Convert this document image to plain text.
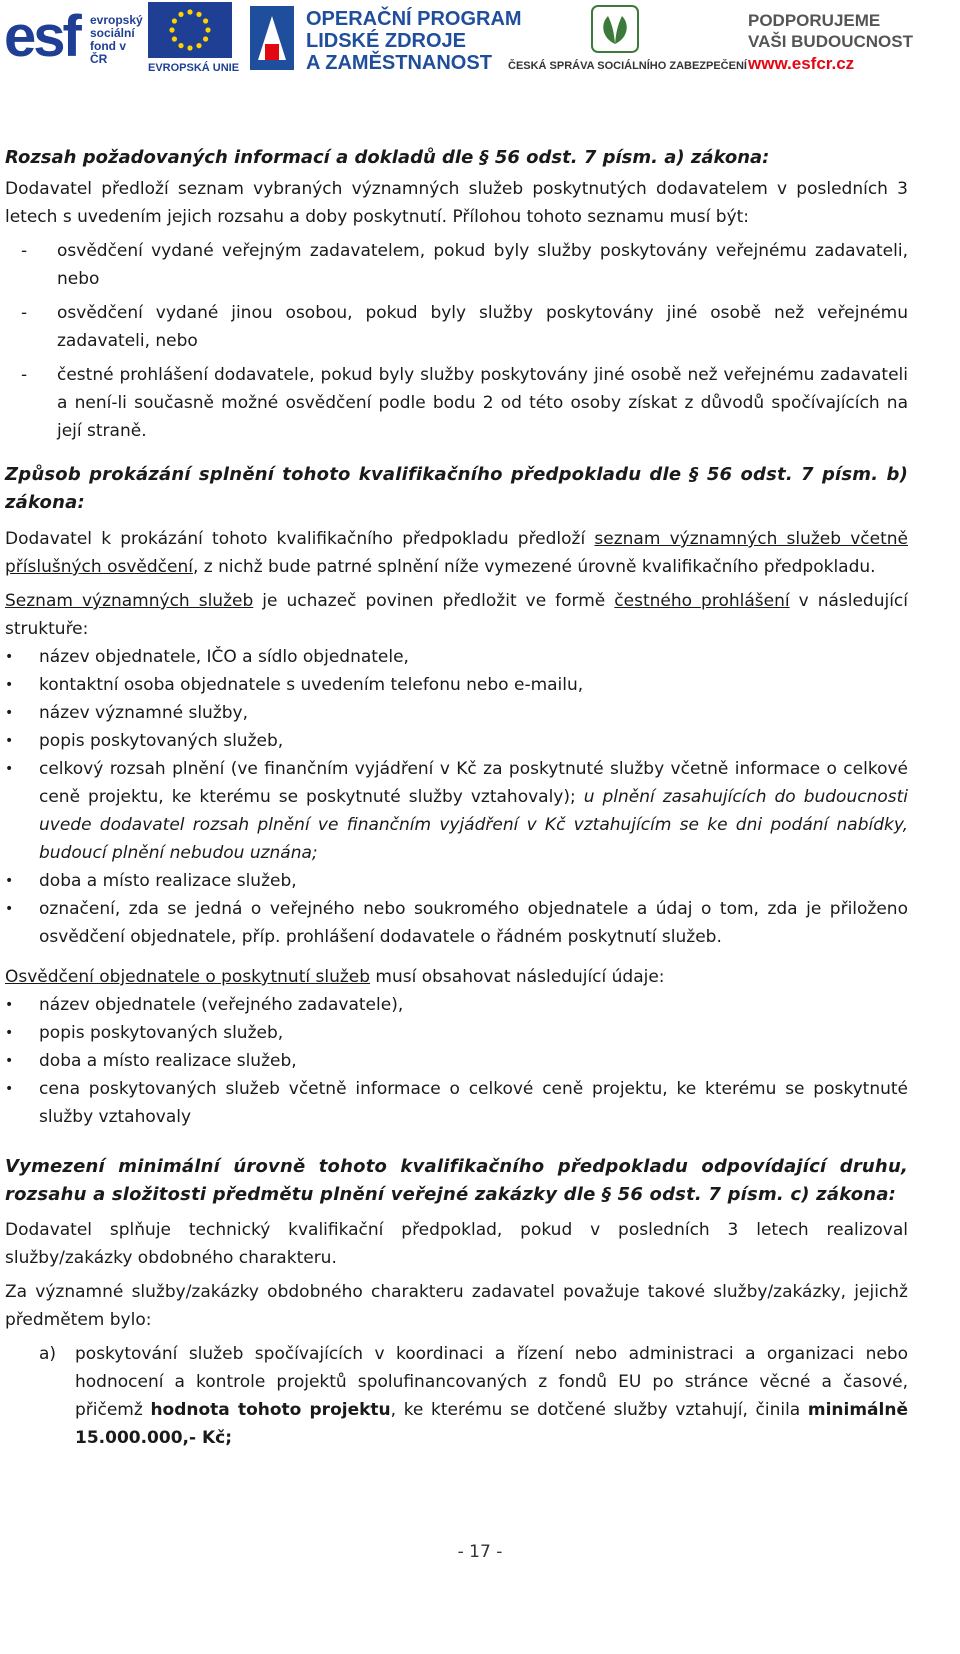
esf evropský
sociální
fond v ČR
EVROPSKÁ UNIE
OPERAČNÍ PROGRAM
LIDSKÉ ZDROJE
A ZAMĚSTNANOST	ČESKÁ SPRÁVA SOCIÁLNÍHO ZABEZPEČENÍ
PODPORUJEME
VAŠI BUDOUCNOST
www.esfcr.cz

Rozsah požadovaných informací a dokladů dle § 56 odst. 7 písm. a) zákona:

Dodavatel předloží seznam vybraných významných služeb poskytnutých dodavatelem v posledních 3 letech s uvedením jejich rozsahu a doby poskytnutí. Přílohou tohoto seznamu musí být:

- osvědčení vydané veřejným zadavatelem, pokud byly služby poskytovány veřejnému zadavateli, nebo
- osvědčení vydané jinou osobou, pokud byly služby poskytovány jiné osobě než veřejnému zadavateli, nebo
- čestné prohlášení dodavatele, pokud byly služby poskytovány jiné osobě než veřejnému zadavateli a není-li současně možné osvědčení podle bodu 2 od této osoby získat z důvodů spočívajících na její straně.

Způsob prokázání splnění tohoto kvalifikačního předpokladu dle § 56 odst. 7 písm. b) zákona:

Dodavatel k prokázání tohoto kvalifikačního předpokladu předloží seznam významných služeb včetně příslušných osvědčení, z nichž bude patrné splnění níže vymezené úrovně kvalifikačního předpokladu.

Seznam významných služeb je uchazeč povinen předložit ve formě čestného prohlášení v následující struktuře:

• název objednatele, IČO a sídlo objednatele,
• kontaktní osoba objednatele s uvedením telefonu nebo e-mailu,
• název významné služby,
• popis poskytovaných služeb,
• celkový rozsah plnění (ve finančním vyjádření v Kč za poskytnuté služby včetně informace o celkové ceně projektu, ke kterému se poskytnuté služby vztahovaly); u plnění zasahujících do budoucnosti uvede dodavatel rozsah plnění ve finančním vyjádření v Kč vztahujícím se ke dni podání nabídky, budoucí plnění nebudou uznána;
• doba a místo realizace služeb,
• označení, zda se jedná o veřejného nebo soukromého objednatele a údaj o tom, zda je přiloženo osvědčení objednatele, příp. prohlášení dodavatele o řádném poskytnutí služeb.

Osvědčení objednatele o poskytnutí služeb musí obsahovat následující údaje:

• název objednatele (veřejného zadavatele),
• popis poskytovaných služeb,
• doba a místo realizace služeb,
• cena poskytovaných služeb včetně informace o celkové ceně projektu, ke kterému se poskytnuté služby vztahovaly

Vymezení minimální úrovně tohoto kvalifikačního předpokladu odpovídající druhu, rozsahu a složitosti předmětu plnění veřejné zakázky dle § 56 odst. 7 písm. c) zákona:

Dodavatel splňuje technický kvalifikační předpoklad, pokud v posledních 3 letech realizoval služby/zakázky obdobného charakteru.

Za významné služby/zakázky obdobného charakteru zadavatel považuje takové služby/zakázky, jejichž předmětem bylo:

a) poskytování služeb spočívajících v koordinaci a řízení nebo administraci a organizaci nebo hodnocení a kontrole projektů spolufinancovaných z fondů EU po stránce věcné a časové, přičemž hodnota tohoto projektu, ke kterému se dotčené služby vztahují, činila minimálně 15.000.000,- Kč;
- 17 -
